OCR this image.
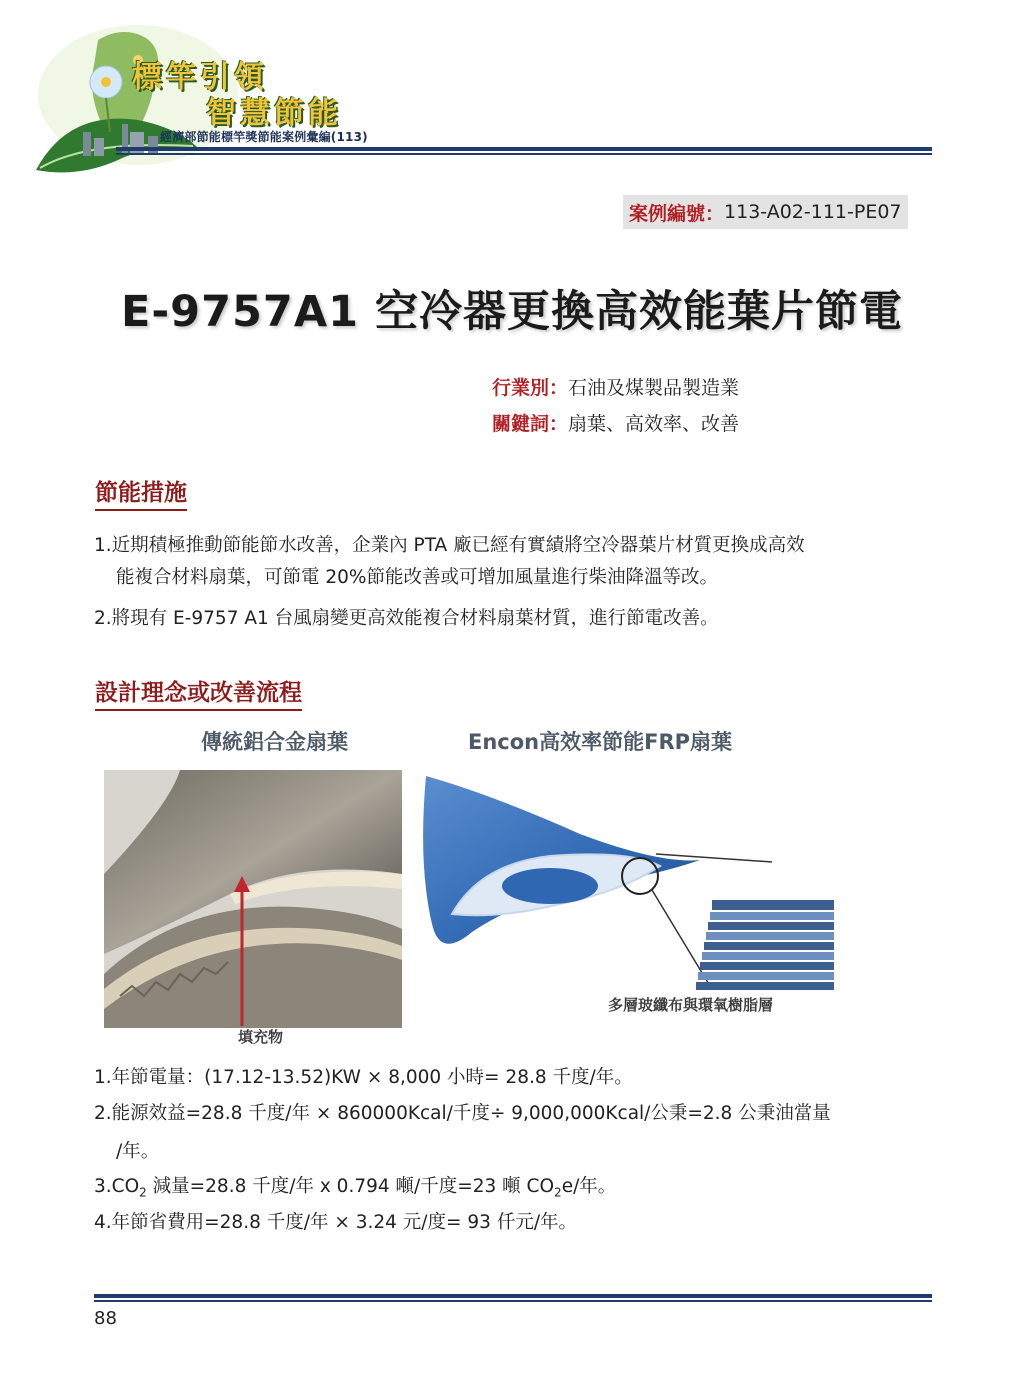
標竿引領
智慧節能
經濟部節能標竿獎節能案例彙編(113)
案例編號： 113-A02-111-PE07
E-9757A1 空冷器更換高效能葉片節電
行業別：石油及煤製品製造業
關鍵詞：扇葉、高效率、改善
節能措施
1.近期積極推動節能節水改善，企業內 PTA 廠已經有實績將空冷器葉片材質更換成高效
能複合材料扇葉，可節電 20%節能改善或可增加風量進行柴油降溫等改。
2.將現有 E-9757 A1 台風扇變更高效能複合材料扇葉材質，進行節電改善。
設計理念或改善流程
傳統鋁合金扇葉	Encon高效率節能FRP扇葉
填充物
多層玻纖布與環氧樹脂層
1.年節電量：(17.12-13.52)KW × 8,000 小時= 28.8 千度/年。
2.能源效益=28.8 千度/年 × 860000Kcal/千度÷ 9,000,000Kcal/公秉=2.8 公秉油當量
/年。
$3.CO_2$ 減量=28.8 千度/年 x 0.794 噸/千度=23 噸 $CO_2e/$年。
4.年節省費用=28.8 千度/年 × 3.24 元/度= 93 仟元/年。
88
